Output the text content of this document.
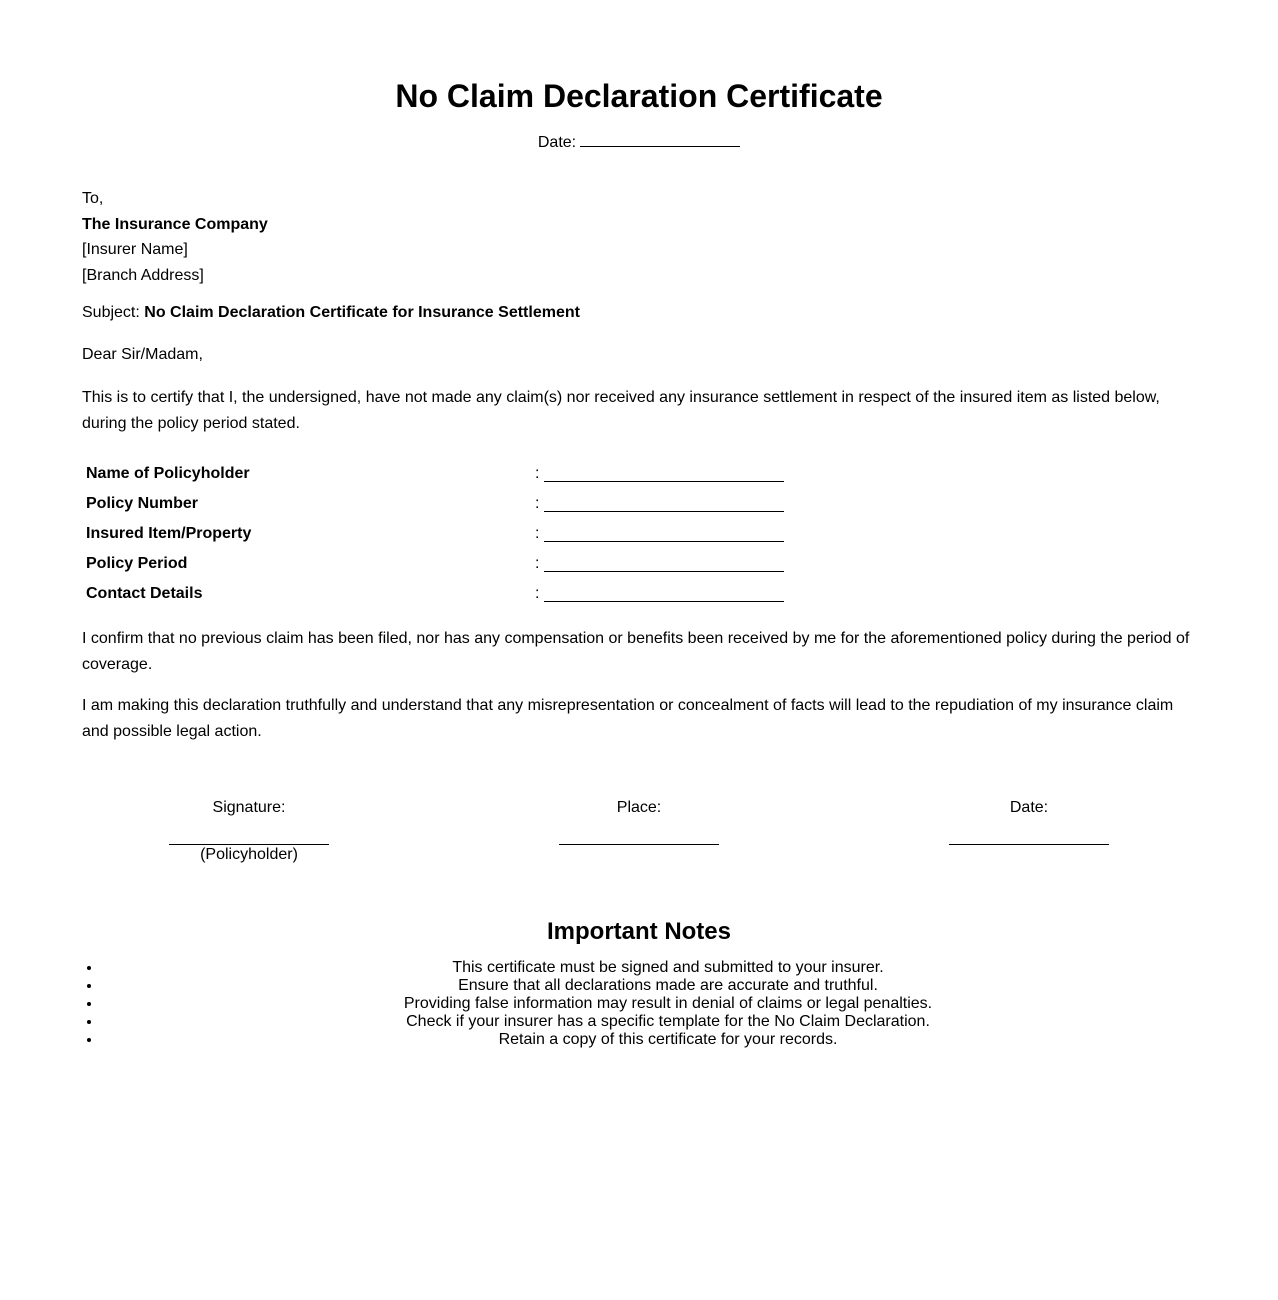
No Claim Declaration Certificate
Date:
To,
The Insurance Company
[Insurer Name]
[Branch Address]
Subject: No Claim Declaration Certificate for Insurance Settlement
Dear Sir/Madam,

This is to certify that I, the undersigned, have not made any claim(s) nor received any insurance settlement in respect of the insured item as listed below, during the policy period stated.

Name of Policyholder	:
Policy Number	:
Insured Item/Property	:
Policy Period	:
Contact Details	:

I confirm that no previous claim has been filed, nor has any compensation or benefits been received by me for the aforementioned policy during the period of coverage.

I am making this declaration truthfully and understand that any misrepresentation or concealment of facts will lead to the repudiation of my insurance claim and possible legal action.

Signature:
(Policyholder)
Place:	Date:
Important Notes
• This certificate must be signed and submitted to your insurer.
• Ensure that all declarations made are accurate and truthful.
• Providing false information may result in denial of claims or legal penalties.
• Check if your insurer has a specific template for the No Claim Declaration.
• Retain a copy of this certificate for your records.
